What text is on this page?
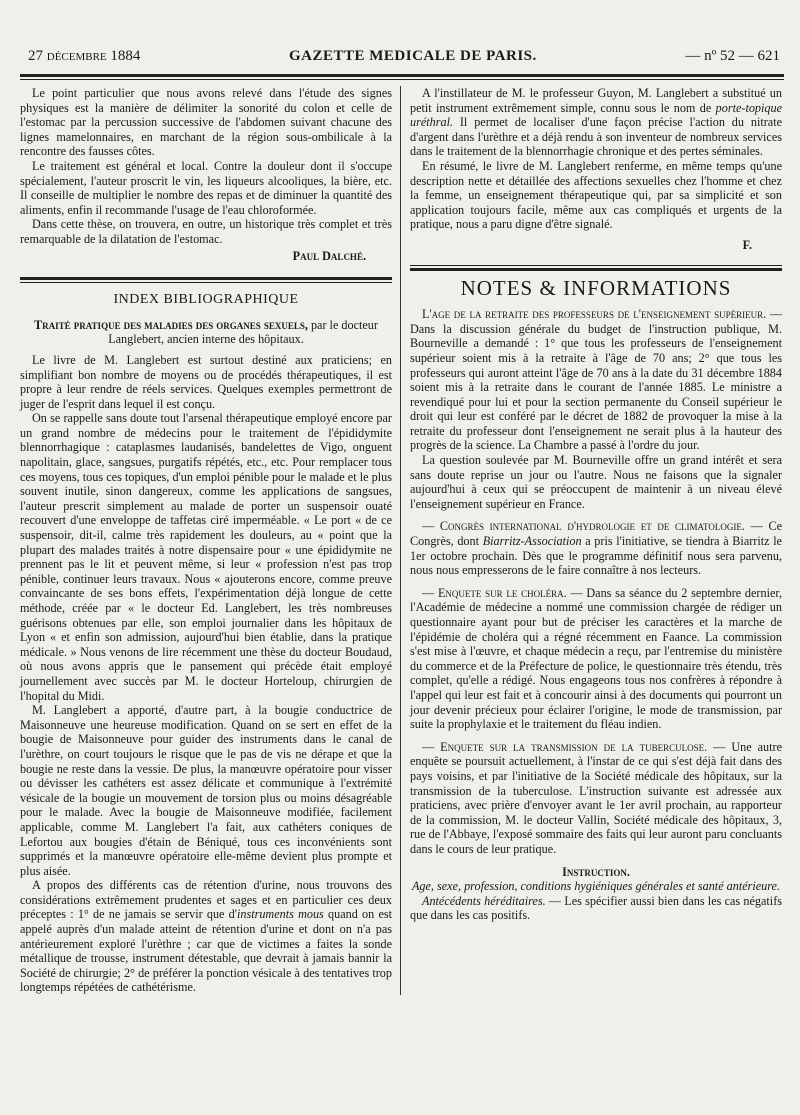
27 décembre 1884	GAZETTE MEDICALE DE PARIS.	— nº 52 — 621

Le point particulier que nous avons relevé dans l'étude des signes physiques est la manière de délimiter la sonorité du colon et celle de l'estomac par la percussion successive de l'abdomen suivant chacune des lignes mamelonnaires, en marchant de la région sous-ombilicale à la rencontre des fausses côtes.

Le traitement est général et local. Contre la douleur dont il s'occupe spécialement, l'auteur proscrit le vin, les liqueurs alcooliques, la bière, etc. Il conseille de multiplier le nombre des repas et de diminuer la quantité des aliments, enfin il recommande l'usage de l'eau chloroformée.

Dans cette thèse, on trouvera, en outre, un historique très complet et très remarquable de la dilatation de l'estomac.

Paul Dalché.

INDEX BIBLIOGRAPHIQUE

Traité pratique des maladies des organes sexuels, par le docteur Langlebert, ancien interne des hôpitaux.

Le livre de M. Langlebert est surtout destiné aux praticiens; en simplifiant bon nombre de moyens ou de procédés thérapeutiques, il est propre à leur rendre de réels services. Quelques exemples permettront de juger de l'esprit dans lequel il est conçu.

On se rappelle sans doute tout l'arsenal thérapeutique employé encore par un grand nombre de médecins pour le traitement de l'épididymite blennorrhagique : cataplasmes laudanisés, bandelettes de Vigo, onguent napolitain, glace, sangsues, purgatifs répétés, etc., etc. Pour remplacer tous ces moyens, tous ces topiques, d'un emploi pénible pour le malade et le plus souvent inutile, sinon dangereux, comme les applications de sangsues, l'auteur prescrit simplement au malade de porter un suspensoir ouaté recouvert d'une enveloppe de taffetas ciré imperméable. « Le port « de ce suspensoir, dit-il, calme très rapidement les douleurs, au « point que la plupart des malades traités à notre dispensaire pour « une épididymite ne prennent pas le lit et peuvent même, si leur « profession n'est pas trop pénible, continuer leurs travaux. Nous « ajouterons encore, comme preuve convaincante de ses bons effets, l'expérimentation déjà longue de cette méthode, créée par « le docteur Ed. Langlebert, les très nombreuses guérisons obtenues par elle, son emploi journalier dans les hôpitaux de Lyon « et enfin son admission, aujourd'hui bien établie, dans la pratique médicale. » Nous venons de lire récemment une thèse du docteur Boudaud, où nous avons appris que le pansement qui précède était employé journellement avec succès par M. le docteur Horteloup, chirurgien de l'hopital du Midi.

M. Langlebert a apporté, d'autre part, à la bougie conductrice de Maisonneuve une heureuse modification. Quand on se sert en effet de la bougie de Maisonneuve pour guider des instruments dans le canal de l'urèthre, on court toujours le risque que le pas de vis ne dérape et que la bougie ne reste dans la vessie. De plus, la manœuvre opératoire pour visser ou dévisser les cathéters est assez délicate et communique à l'extrémité vésicale de la bougie un mouvement de torsion plus ou moins désagréable pour le malade. Avec la bougie de Maisonneuve modifiée, facilement applicable, comme M. Langlebert l'a fait, aux cathéters coniques de Lefortou aux bougies d'étain de Béniqué, tous ces inconvénients sont supprimés et la manœuvre opératoire elle-même devient plus prompte et plus aisée.

A propos des différents cas de rétention d'urine, nous trouvons des considérations extrêmement prudentes et sages et en particulier ces deux préceptes : 1° de ne jamais se servir que d'instruments mous quand on est appelé auprès d'un malade atteint de rétention d'urine et dont on n'a pas antérieurement exploré l'urèthre ; car que de victimes a faites la sonde métallique de trousse, instrument détestable, que devrait à jamais bannir la Société de chirurgie; 2° de préférer la ponction vésicale à des tentatives trop longtemps répétées de cathétérisme.

A l'instillateur de M. le professeur Guyon, M. Langlebert a substitué un petit instrument extrêmement simple, connu sous le nom de porte-topique uréthral. Il permet de localiser d'une façon précise l'action du nitrate d'argent dans l'urèthre et a déjà rendu à son inventeur de nombreux services dans le traitement de la blennorrhagie chronique et des pertes séminales.

En résumé, le livre de M. Langlebert renferme, en même temps qu'une description nette et détaillée des affections sexuelles chez l'homme et chez la femme, un enseignement thérapeutique qui, par sa simplicité et son application toujours facile, même aux cas compliqués et urgents de la pratique, nous a paru digne d'être signalé.

F.

NOTES & INFORMATIONS

L'age de la retraite des professeurs de l'enseignement supérieur. — Dans la discussion générale du budget de l'instruction publique, M. Bourneville a demandé : 1° que tous les professeurs de l'enseignement supérieur soient mis à la retraite à l'âge de 70 ans; 2° que tous les professeurs qui auront atteint l'âge de 70 ans à la date du 31 décembre 1884 soient mis à la retraite dans le courant de l'année 1885. Le ministre a revendiqué pour lui et pour la section permanente du Conseil supérieur le droit qui leur est conféré par le décret de 1882 de provoquer la mise à la retraite du professeur dont l'enseignement ne serait plus à la hauteur des progrès de la science. La Chambre a passé à l'ordre du jour.

La question soulevée par M. Bourneville offre un grand intérêt et sera sans doute reprise un jour ou l'autre. Nous ne faisons que la signaler aujourd'hui à ceux qui se préoccupent de maintenir à un niveau élevé l'enseignement supérieur en France.

— Congrès international d'hydrologie et de climatologie. — Ce Congrès, dont Biarritz-Association a pris l'initiative, se tiendra à Biarritz le 1er octobre prochain. Dès que le programme définitif nous sera parvenu, nous nous empresserons de le faire connaître à nos lecteurs.

— Enquete sur le choléra. — Dans sa séance du 2 septembre dernier, l'Académie de médecine a nommé une commission chargée de rédiger un questionnaire ayant pour but de préciser les caractères et la marche de l'épidémie de choléra qui a régné récemment en Faance. La commission s'est mise à l'œuvre, et chaque médecin a reçu, par l'entremise du ministère du commerce et de la Préfecture de police, le questionnaire très étendu, très complet, qu'elle a rédigé. Nous engageons tous nos confrères à répondre à l'appel qui leur est fait et à concourir ainsi à des documents qui pourront un jour devenir précieux pour éclairer l'origine, le mode de transmission, par suite la prophylaxie et le traitement du fléau indien.

— Enquete sur la transmission de la tuberculose. — Une autre enquête se poursuit actuellement, à l'instar de ce qui s'est déjà fait dans des pays voisins, et par l'initiative de la Société médicale des hôpitaux, sur la transmission de la tuberculose. L'instruction suivante est adressée aux praticiens, avec prière d'envoyer avant le 1er avril prochain, au rapporteur de la commission, M. le docteur Vallin, Société médicale des hôpitaux, 3, rue de l'Abbaye, l'exposé sommaire des faits qui leur auront paru concluants dans le cours de leur pratique.

Instruction.

Age, sexe, profession, conditions hygiéniques générales et santé antérieure.

Antécédents héréditaires. — Les spécifier aussi bien dans les cas négatifs que dans les cas positifs.
